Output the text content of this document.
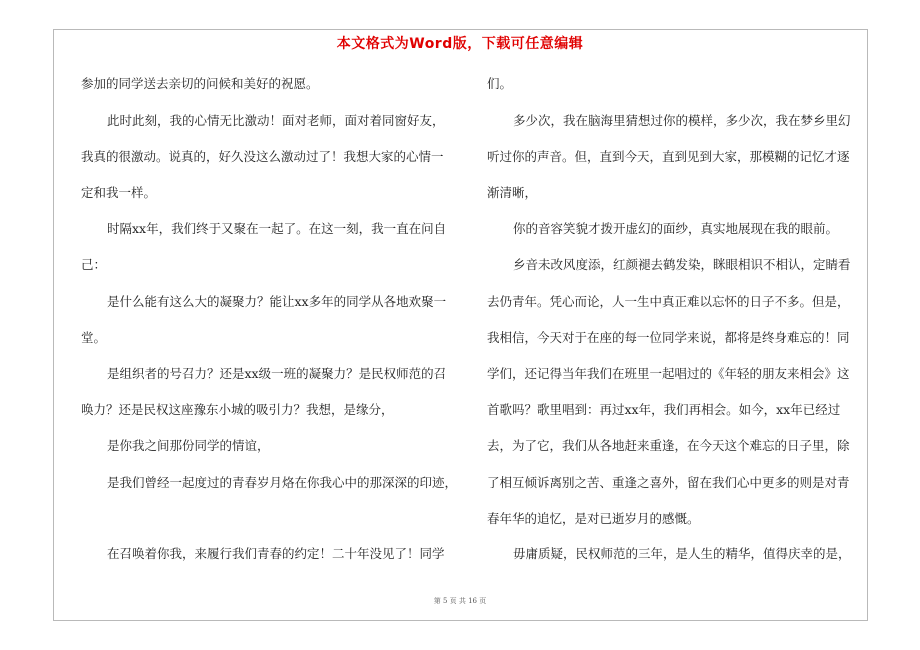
本文格式为Word版，下载可任意编辑
参加的同学送去亲切的问候和美好的祝愿。
此时此刻，我的心情无比激动！面对老师，面对着同窗好友，
我真的很激动。说真的，好久没这么激动过了！我想大家的心情一
定和我一样。
时隔xx年，我们终于又聚在一起了。在这一刻，我一直在问自
己：
是什么能有这么大的凝聚力？能让xx多年的同学从各地欢聚一
堂。
是组织者的号召力？还是xx级一班的凝聚力？是民权师范的召
唤力？还是民权这座豫东小城的吸引力？我想，是缘分，
是你我之间那份同学的情谊，
是我们曾经一起度过的青春岁月烙在你我心中的那深深的印迹，
在召唤着你我，来履行我们青春的约定！二十年没见了！同学
们。
多少次，我在脑海里猜想过你的模样，多少次，我在梦乡里幻
听过你的声音。但，直到今天，直到见到大家，那模糊的记忆才逐
渐清晰，
你的音容笑貌才拨开虚幻的面纱，真实地展现在我的眼前。
乡音未改风度添，红颜褪去鹤发染，眯眼相识不相认，定睛看
去仍青年。凭心而论，人一生中真正难以忘怀的日子不多。但是，
我相信，今天对于在座的每一位同学来说，都将是终身难忘的！同
学们，还记得当年我们在班里一起唱过的《年轻的朋友来相会》这
首歌吗？歌里唱到：再过xx年，我们再相会。如今，xx年已经过
去，为了它，我们从各地赶来重逢，在今天这个难忘的日子里，除
了相互倾诉离别之苦、重逢之喜外，留在我们心中更多的则是对青
春年华的追忆，是对已逝岁月的感慨。
毋庸质疑，民权师范的三年，是人生的精华，值得庆幸的是，
第 5 页 共 16 页
